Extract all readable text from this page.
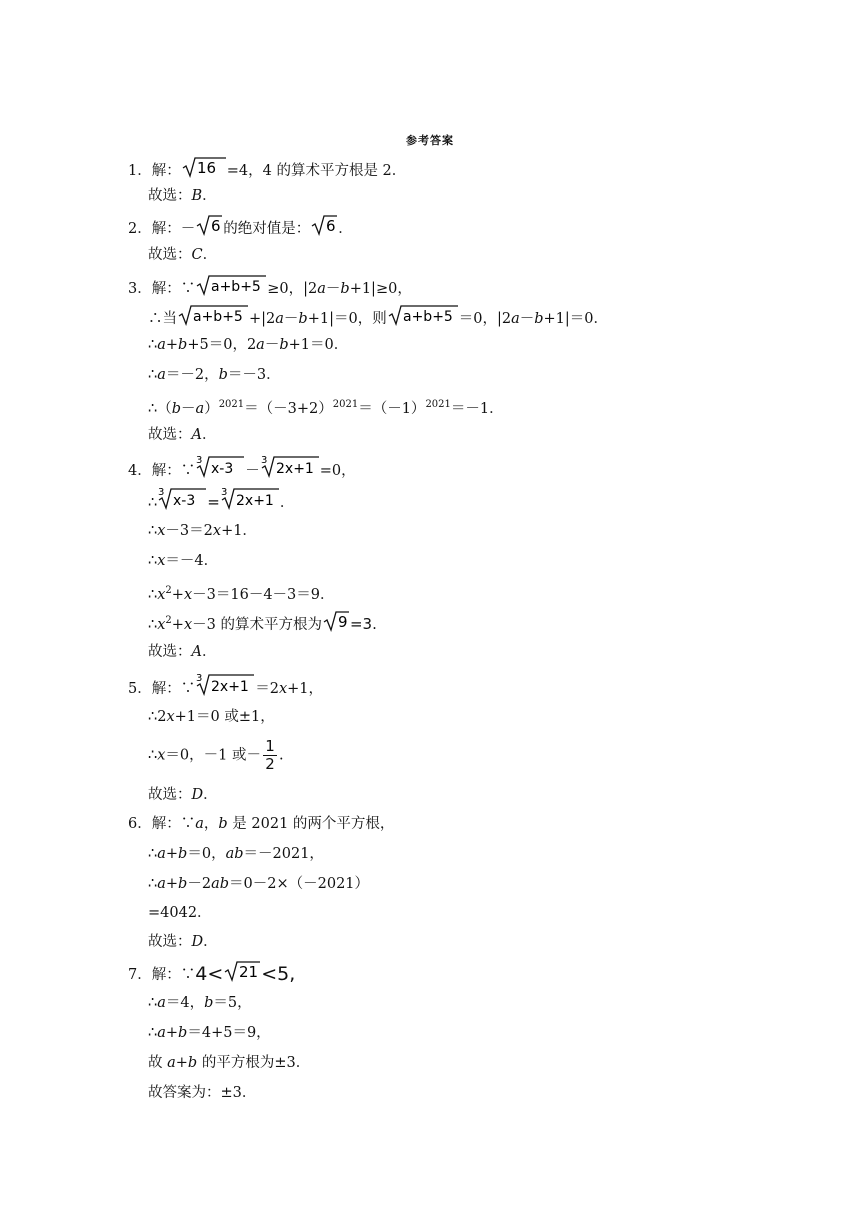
参考答案
1．解： 16 =4，4 的算术平方根是 2．
故选：B．
2．解：－ 6 的绝对值是： 6 ．
故选：C．
3．解：∵ a+b+5 ≥0，|2a－b+1|≥0，
∴当 a+b+5 +|2a－b+1|＝0，则 a+b+5 ＝0，|2a－b+1|＝0．
∴a+b+5＝0，2a－b+1＝0．
∴a＝－2，b＝－3．
$\therefore(b-a)^{2021}=(-3+2)^{2021}=(-1)^{2021}=-1$．
故选：A．
4．解：∵
3
x-3 －
3
2x+1 =0，
∴
3
x-3 =
3
2x+1 ．
∴x－3＝2x+1．
∴x＝－4．
$\therefore x^2+x-3=16-4-3=9$．
$\therefore x^2+x-3$ 的算术平方根为 9 =3.
故选：A．
5．解：∵
3
2x+1 ＝2x+1，
∴2x+1＝0 或±1，
∴x＝0，－1 或－ $\frac{1}{2}$ .
故选：D．
6．解：∵a，b 是 2021 的两个平方根，
∴a+b＝0，ab＝－2021，
∴a+b－2ab＝0－2×（－2021）
=4042．
故选：D．
7．解：∵4< 21 <5,
∴a＝4，b＝5，
∴a+b＝4+5＝9，
故 a+b 的平方根为±3．
故答案为：±3．
